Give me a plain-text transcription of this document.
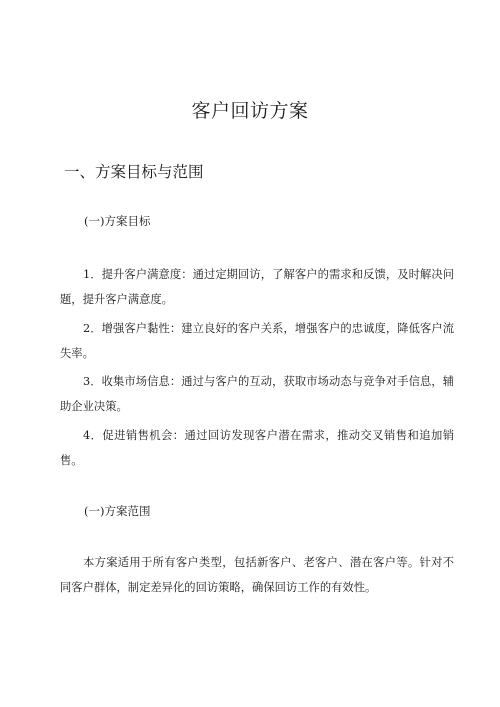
客户回访方案
一、方案目标与范围
(一)方案目标

1．提升客户满意度：通过定期回访，了解客户的需求和反馈，及时解决问题，提升客户满意度。

2．增强客户黏性：建立良好的客户关系，增强客户的忠诚度，降低客户流失率。

3．收集市场信息：通过与客户的互动，获取市场动态与竞争对手信息，辅助企业决策。

4．促进销售机会：通过回访发现客户潜在需求，推动交叉销售和追加销售。

(一)方案范围

本方案适用于所有客户类型，包括新客户、老客户、潜在客户等。针对不同客户群体，制定差异化的回访策略，确保回访工作的有效性。
